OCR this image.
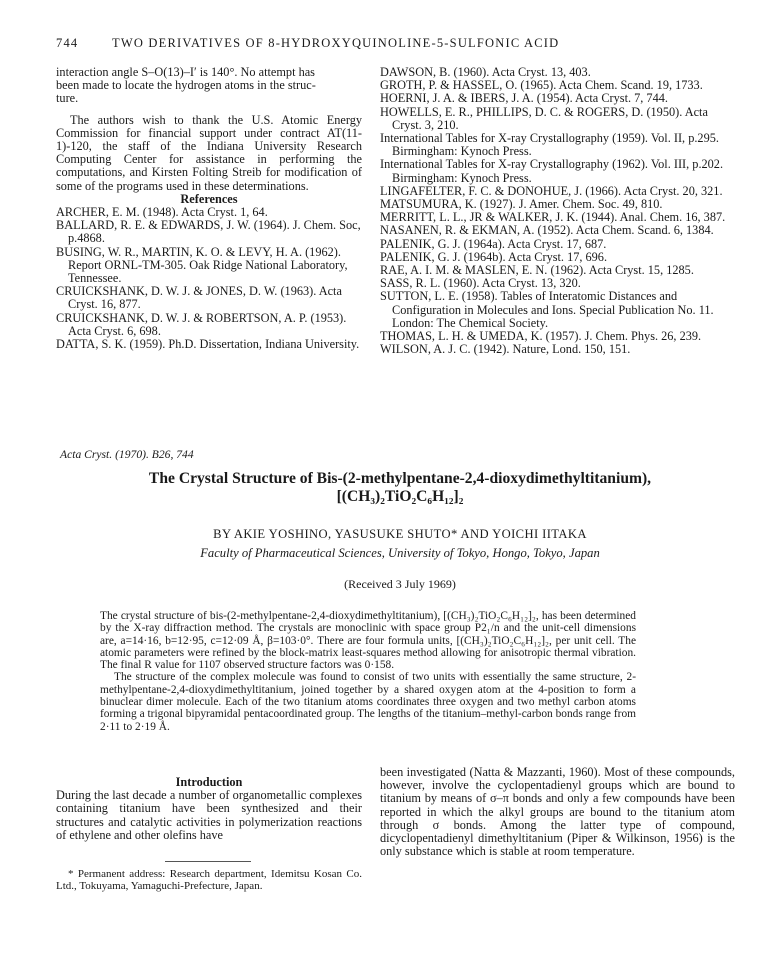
744	TWO DERIVATIVES OF 8-HYDROXYQUINOLINE-5-SULFONIC ACID

interaction angle S–O(13)–I′ is 140°. No attempt has

been made to locate the hydrogen atoms in the struc-

ture.

The authors wish to thank the U.S. Atomic Energy Commission for financial support under contract AT(11-1)-120, the staff of the Indiana University Research Computing Center for assistance in performing the computations, and Kirsten Folting Streib for modification of some of the programs used in these determinations.

References

ARCHER, E. M. (1948). Acta Cryst. 1, 64.

BALLARD, R. E. & EDWARDS, J. W. (1964). J. Chem. Soc, p.4868.

BUSING, W. R., MARTIN, K. O. & LEVY, H. A. (1962). Report ORNL-TM-305. Oak Ridge National Laboratory, Tennessee.

CRUICKSHANK, D. W. J. & JONES, D. W. (1963). Acta Cryst. 16, 877.

CRUICKSHANK, D. W. J. & ROBERTSON, A. P. (1953). Acta Cryst. 6, 698.

DATTA, S. K. (1959). Ph.D. Dissertation, Indiana University.

DAWSON, B. (1960). Acta Cryst. 13, 403.

GROTH, P. & HASSEL, O. (1965). Acta Chem. Scand. 19, 1733.

HOERNI, J. A. & IBERS, J. A. (1954). Acta Cryst. 7, 744.

HOWELLS, E. R., PHILLIPS, D. C. & ROGERS, D. (1950). Acta Cryst. 3, 210.

International Tables for X-ray Crystallography (1959). Vol. II, p.295. Birmingham: Kynoch Press.

International Tables for X-ray Crystallography (1962). Vol. III, p.202. Birmingham: Kynoch Press.

LINGAFELTER, F. C. & DONOHUE, J. (1966). Acta Cryst. 20, 321.

MATSUMURA, K. (1927). J. Amer. Chem. Soc. 49, 810.

MERRITT, L. L., JR & WALKER, J. K. (1944). Anal. Chem. 16, 387.

NASANEN, R. & EKMAN, A. (1952). Acta Chem. Scand. 6, 1384.

PALENIK, G. J. (1964a). Acta Cryst. 17, 687.

PALENIK, G. J. (1964b). Acta Cryst. 17, 696.

RAE, A. I. M. & MASLEN, E. N. (1962). Acta Cryst. 15, 1285.

SASS, R. L. (1960). Acta Cryst. 13, 320.

SUTTON, L. E. (1958). Tables of Interatomic Distances and Configuration in Molecules and Ions. Special Publication No. 11. London: The Chemical Society.

THOMAS, L. H. & UMEDA, K. (1957). J. Chem. Phys. 26, 239.

WILSON, A. J. C. (1942). Nature, Lond. 150, 151.

Acta Cryst. (1970). B26, 744
The Crystal Structure of Bis-(2-methylpentane-2,4-dioxydimethyltitanium),
[(CH₃)₂TiO₂C₆H₁₂]₂
BY AKIE YOSHINO, YASUSUKE SHUTO* AND YOICHI IITAKA
Faculty of Pharmaceutical Sciences, University of Tokyo, Hongo, Tokyo, Japan
(Received 3 July 1969)

The crystal structure of bis-(2-methylpentane-2,4-dioxydimethyltitanium), [(CH₃)₂TiO₂C₆H₁₂]₂, has been determined by the X-ray diffraction method. The crystals are monoclinic with space group P2₁/n and the unit-cell dimensions are, a=14·16, b=12·95, c=12·09 Å, β=103·0°. There are four formula units, [(CH₃)₂TiO₂C₆H₁₂]₂, per unit cell. The atomic parameters were refined by the block-matrix least-squares method allowing for anisotropic thermal vibration. The final R value for 1107 observed structure factors was 0·158.

The structure of the complex molecule was found to consist of two units with essentially the same structure, 2-methylpentane-2,4-dioxydimethyltitanium, joined together by a shared oxygen atom at the 4-position to form a binuclear dimer molecule. Each of the two titanium atoms coordinates three oxygen and two methyl carbon atoms forming a trigonal bipyramidal pentacoordinated group. The lengths of the titanium–methyl-carbon bonds range from 2·11 to 2·19 Å.

Introduction

During the last decade a number of organometallic complexes containing titanium have been synthesized and their structures and catalytic activities in polymerization reactions of ethylene and other olefins have

* Permanent address: Research department, Idemitsu Kosan Co. Ltd., Tokuyama, Yamaguchi-Prefecture, Japan.

been investigated (Natta & Mazzanti, 1960). Most of these compounds, however, involve the cyclopentadienyl groups which are bound to titanium by means of σ–π bonds and only a few compounds have been reported in which the alkyl groups are bound to the titanium atom through σ bonds. Among the latter type of compound, dicyclopentadienyl dimethyltitanium (Piper & Wilkinson, 1956) is the only substance which is stable at room temperature.
